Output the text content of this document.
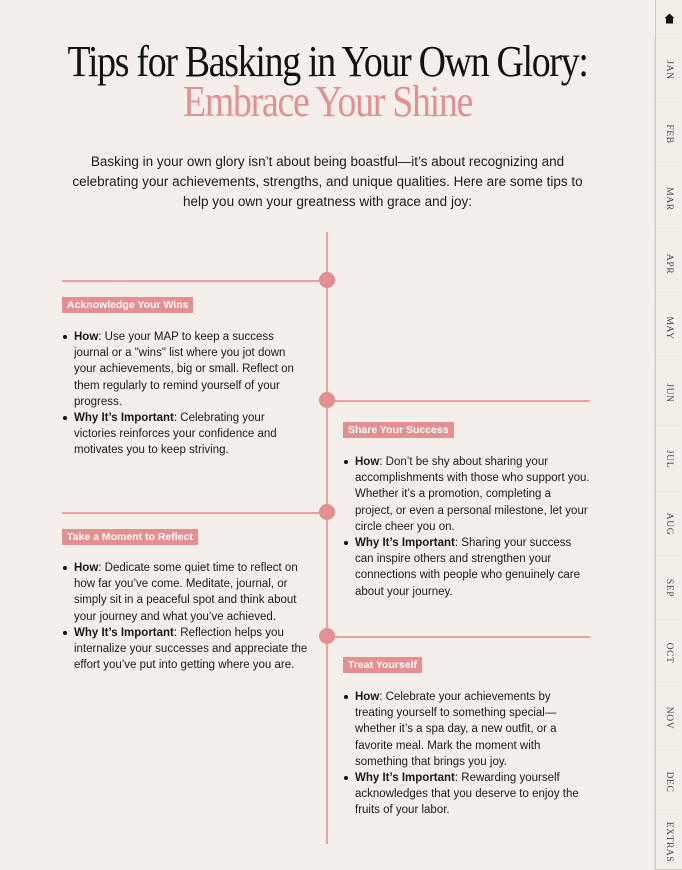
Tips for Basking in Your Own Glory:
Embrace Your Shine
Basking in your own glory isn’t about being boastful—it’s about recognizing and celebrating your achievements, strengths, and unique qualities. Here are some tips to help you own your greatness with grace and joy:
Acknowledge Your Wins
How: Use your MAP to keep a success journal or a "wins" list where you jot down your achievements, big or small. Reflect on them regularly to remind yourself of your progress.
Why It’s Important: Celebrating your victories reinforces your confidence and motivates you to keep striving.
Share Your Success
How: Don’t be shy about sharing your accomplishments with those who support you. Whether it’s a promotion, completing a project, or even a personal milestone, let your circle cheer you on.
Why It’s Important: Sharing your success can inspire others and strengthen your connections with people who genuinely care about your journey.
Take a Moment to Reflect
How: Dedicate some quiet time to reflect on how far you’ve come. Meditate, journal, or simply sit in a peaceful spot and think about your journey and what you’ve achieved.
Why It’s Important: Reflection helps you internalize your successes and appreciate the effort you’ve put into getting where you are.	Treat Yourself
How: Celebrate your achievements by treating yourself to something special—whether it’s a spa day, a new outfit, or a favorite meal. Mark the moment with something that brings you joy.
Why It’s Important: Rewarding yourself acknowledges that you deserve to enjoy the fruits of your labor.
JAN
FEB
MAR
APR
MAY
JUN
JUL
AUG
SEP
OCT
NOV
DEC
EXTRAS
